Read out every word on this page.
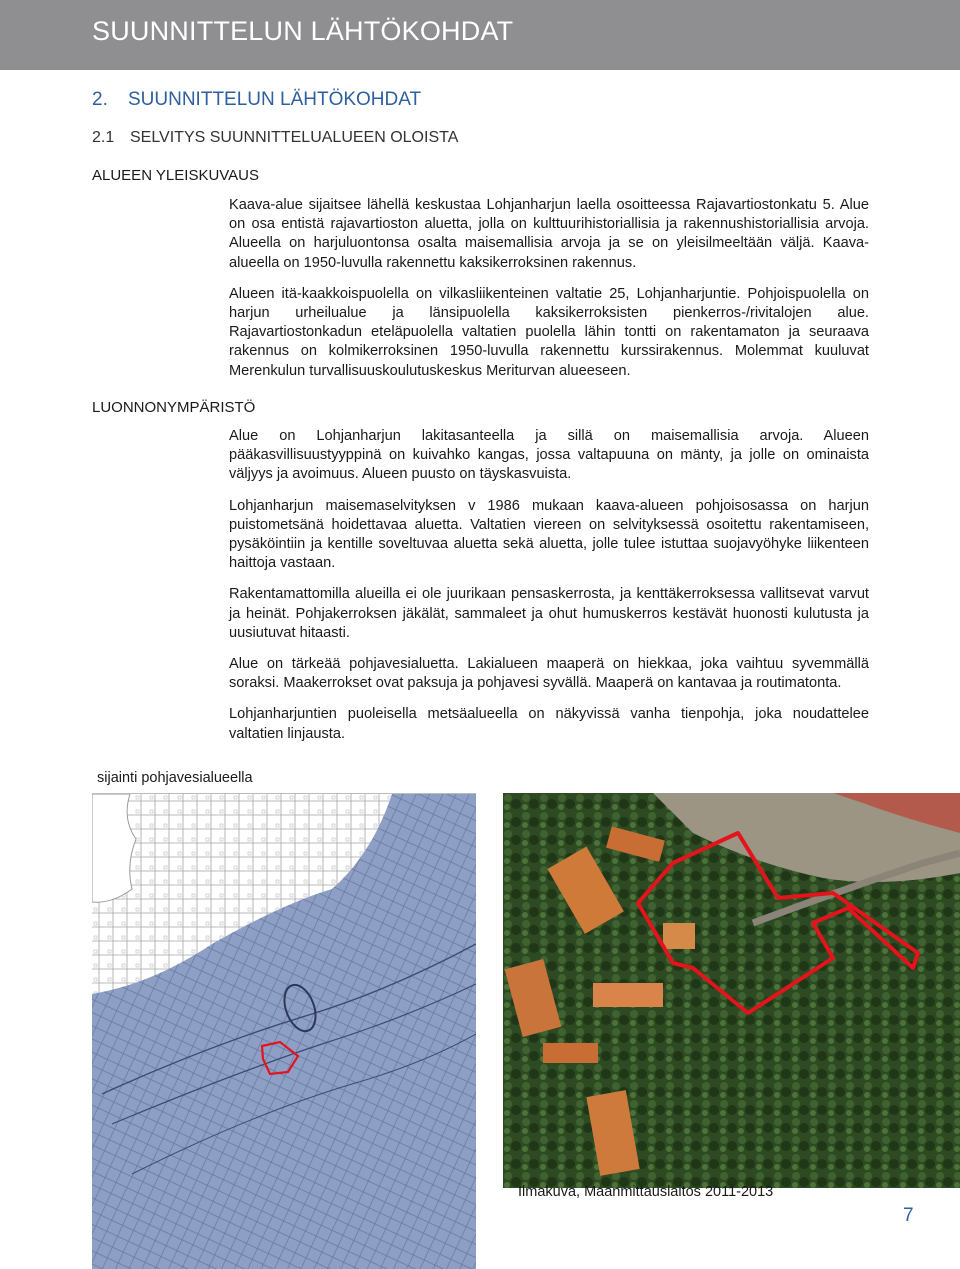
SUUNNITTELUN LÄHTÖKOHDAT
2. SUUNNITTELUN LÄHTÖKOHDAT
2.1 SELVITYS SUUNNITTELUALUEEN OLOISTA
ALUEEN YLEISKUVAUS

Kaava-alue sijaitsee lähellä keskustaa Lohjanharjun laella osoitteessa Rajavartiostonkatu 5. Alue on osa entistä rajavartioston aluetta, jolla on kulttuurihistoriallisia ja rakennushistoriallisia arvoja. Alueella on harjuluontonsa osalta maisemallisia arvoja ja se on yleisilmeeltään väljä. Kaava-alueella on 1950-luvulla rakennettu kaksikerroksinen rakennus.

Alueen itä-kaakkoispuolella on vilkasliikenteinen valtatie 25, Lohjanharjuntie. Pohjoispuolella on harjun urheilualue ja länsipuolella kaksikerroksisten pienkerros-/rivitalojen alue. Rajavartiostonkadun eteläpuolella valtatien puolella lähin tontti on rakentamaton ja seuraava rakennus on kolmikerroksinen 1950-luvulla rakennettu kurssirakennus. Molemmat kuuluvat Merenkulun turvallisuuskoulutuskeskus Meriturvan alueeseen.

LUONNONYMPÄRISTÖ

Alue on Lohjanharjun lakitasanteella ja sillä on maisemallisia arvoja. Alueen pääkasvillisuustyyppinä on kuivahko kangas, jossa valtapuuna on mänty, ja jolle on ominaista väljyys ja avoimuus. Alueen puusto on täyskasvuista.

Lohjanharjun maisemaselvityksen v 1986 mukaan kaava-alueen pohjoisosassa on harjun puistometsänä hoidettavaa aluetta. Valtatien viereen on selvityksessä osoitettu rakentamiseen, pysäköintiin ja kentille soveltuvaa aluetta sekä aluetta, jolle tulee istuttaa suojavyöhyke liikenteen haittoja vastaan.

Rakentamattomilla alueilla ei ole juurikaan pensaskerrosta, ja kenttäkerroksessa vallitsevat varvut ja heinät. Pohjakerroksen jäkälät, sammaleet ja ohut humuskerros kestävät huonosti kulutusta ja uusiutuvat hitaasti.

Alue on tärkeää pohjavesialuetta. Lakialueen maaperä on hiekkaa, joka vaihtuu syvemmällä soraksi. Maakerrokset ovat paksuja ja pohjavesi syvällä. Maaperä on kantavaa ja routimatonta.

Lohjanharjuntien puoleisella metsäalueella on näkyvissä vanha tienpohja, joka noudattelee valtatien linjausta.

sijainti pohjavesialueella
Ilmakuva, Maanmittauslaitos 2011-2013
7
